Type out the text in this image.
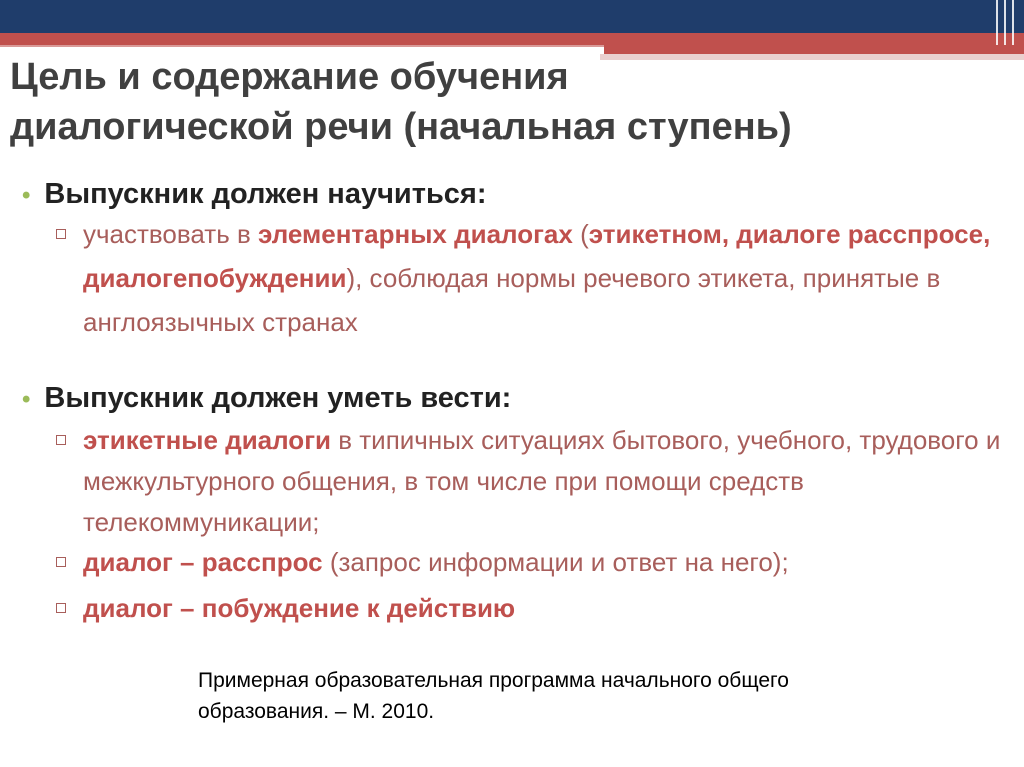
Цель и содержание обучения
диалогической речи (начальная ступень)
• Выпускник должен научиться:
участвовать в элементарных диалогах (этикетном, диалоге расспросе, диалогепобуждении), соблюдая нормы речевого этикета, принятые в англоязычных странах
• Выпускник должен уметь вести:
этикетные диалоги в типичных ситуациях бытового, учебного, трудового и межкультурного общения, в том числе при помощи средств телекоммуникации;
диалог – расспрос (запрос информации и ответ на него);
диалог – побуждение к действию
Примерная образовательная программа начального общего образования. – М. 2010.
